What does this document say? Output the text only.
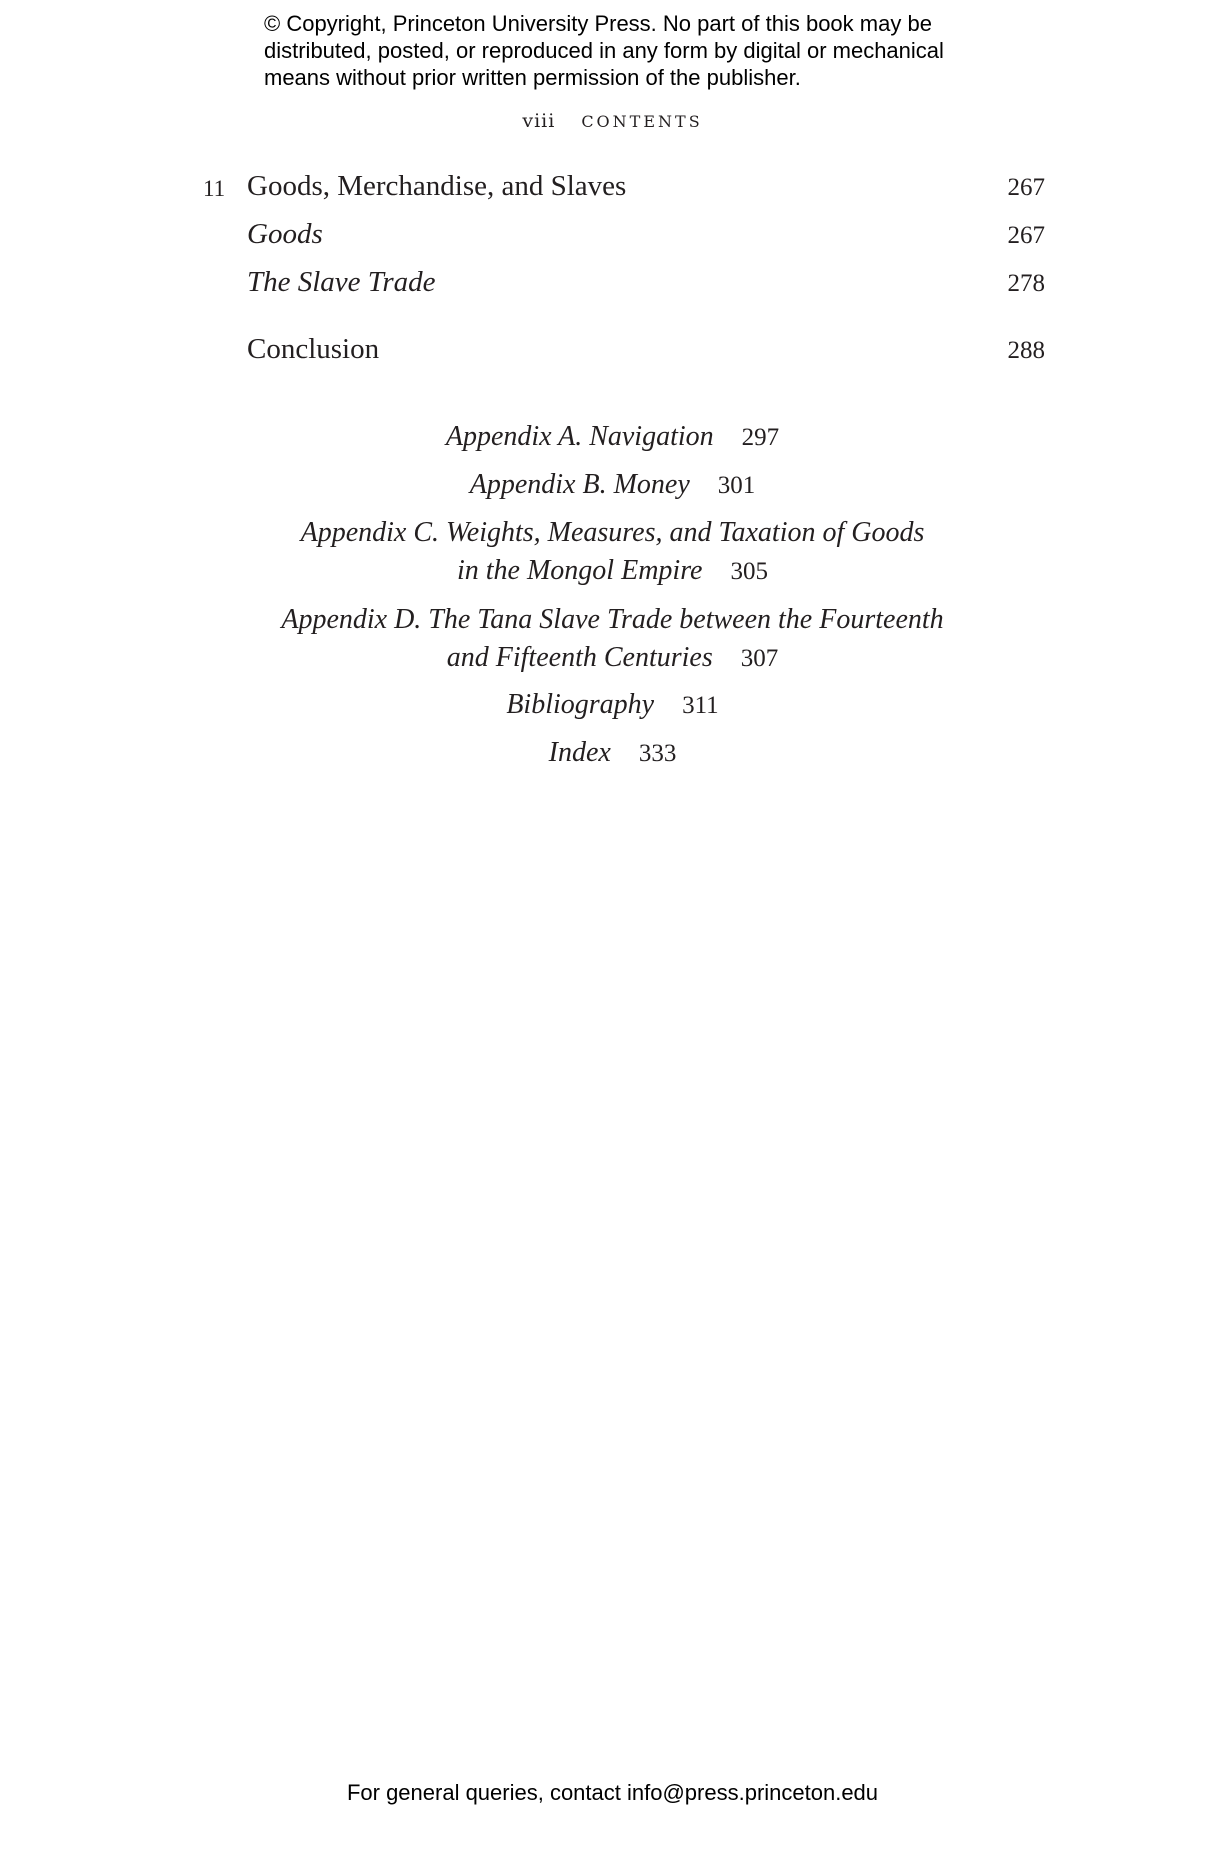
© Copyright, Princeton University Press. No part of this book may be distributed, posted, or reproduced in any form by digital or mechanical means without prior written permission of the publisher.
viii CONTENTS
11 Goods, Merchandise, and Slaves	267
Goods	267
The Slave Trade	278
Conclusion	288
Appendix A. Navigation 297
Appendix B. Money 301
Appendix C. Weights, Measures, and Taxation of Goods
in the Mongol Empire 305
Appendix D. The Tana Slave Trade between the Fourteenth
and Fifteenth Centuries 307
Bibliography 311
Index 333
For general queries, contact info@press.princeton.edu
